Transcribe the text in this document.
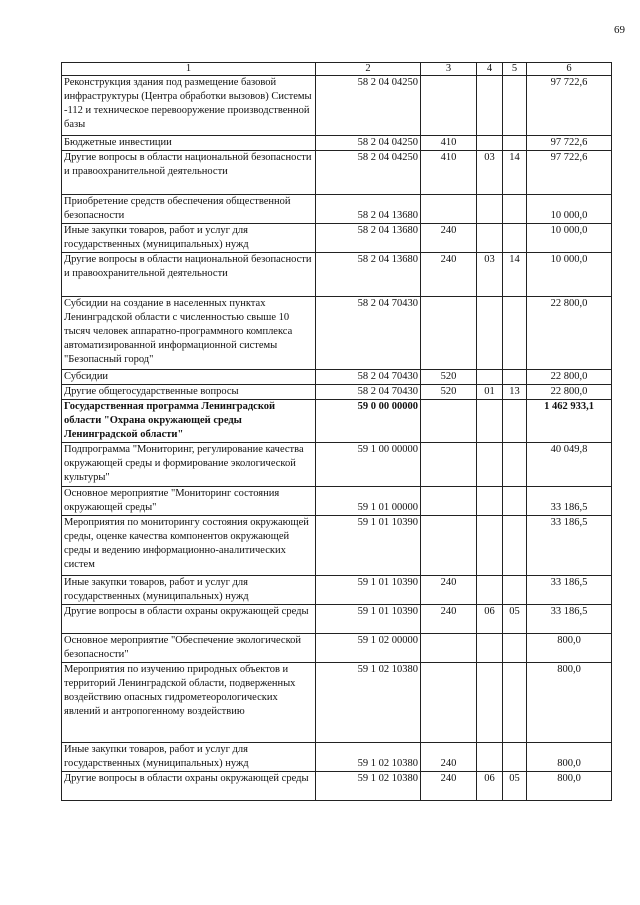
69
1	2	3	4	5	6
Реконструкция здания под размещение базовой инфраструктуры (Центра обработки вызовов) Системы -112 и техническое перевооружение производственной базы	58 2 04 04250				97 722,6
Бюджетные инвестиции	58 2 04 04250	410			97 722,6
Другие вопросы в области национальной безопасности и правоохранительной деятельности	58 2 04 04250	410	03	14	97 722,6
Приобретение средств обеспечения общественной безопасности	58 2 04 13680				10 000,0
Иные закупки товаров, работ и услуг для государственных (муниципальных) нужд	58 2 04 13680	240			10 000,0
Другие вопросы в области национальной безопасности и правоохранительной деятельности	58 2 04 13680	240	03	14	10 000,0
Субсидии на создание в населенных пунктах Ленинградской области с численностью свыше 10 тысяч человек аппаратно-программного комплекса автоматизированной информационной системы "Безопасный город"	58 2 04 70430				22 800,0
Субсидии	58 2 04 70430	520			22 800,0
Другие общегосударственные вопросы	58 2 04 70430	520	01	13	22 800,0
Государственная программа Ленинградской области "Охрана окружающей среды Ленинградской области"	59 0 00 00000				1 462 933,1
Подпрограмма "Мониторинг, регулирование качества окружающей среды и формирование экологической культуры"	59 1 00 00000				40 049,8
Основное мероприятие "Мониторинг состояния окружающей среды"	59 1 01 00000				33 186,5
Мероприятия по мониторингу состояния окружающей среды, оценке качества компонентов окружающей среды и ведению информационно-аналитических систем	59 1 01 10390				33 186,5
Иные закупки товаров, работ и услуг для государственных (муниципальных) нужд	59 1 01 10390	240			33 186,5
Другие вопросы в области охраны окружающей среды	59 1 01 10390	240	06	05	33 186,5
Основное мероприятие "Обеспечение экологической безопасности"	59 1 02 00000				800,0
Мероприятия по изучению природных объектов и территорий Ленинградской области, подверженных воздействию опасных гидрометеорологических явлений и антропогенному воздействию	59 1 02 10380				800,0
Иные закупки товаров, работ и услуг для государственных (муниципальных) нужд	59 1 02 10380	240			800,0
Другие вопросы в области охраны окружающей среды	59 1 02 10380	240	06	05	800,0
